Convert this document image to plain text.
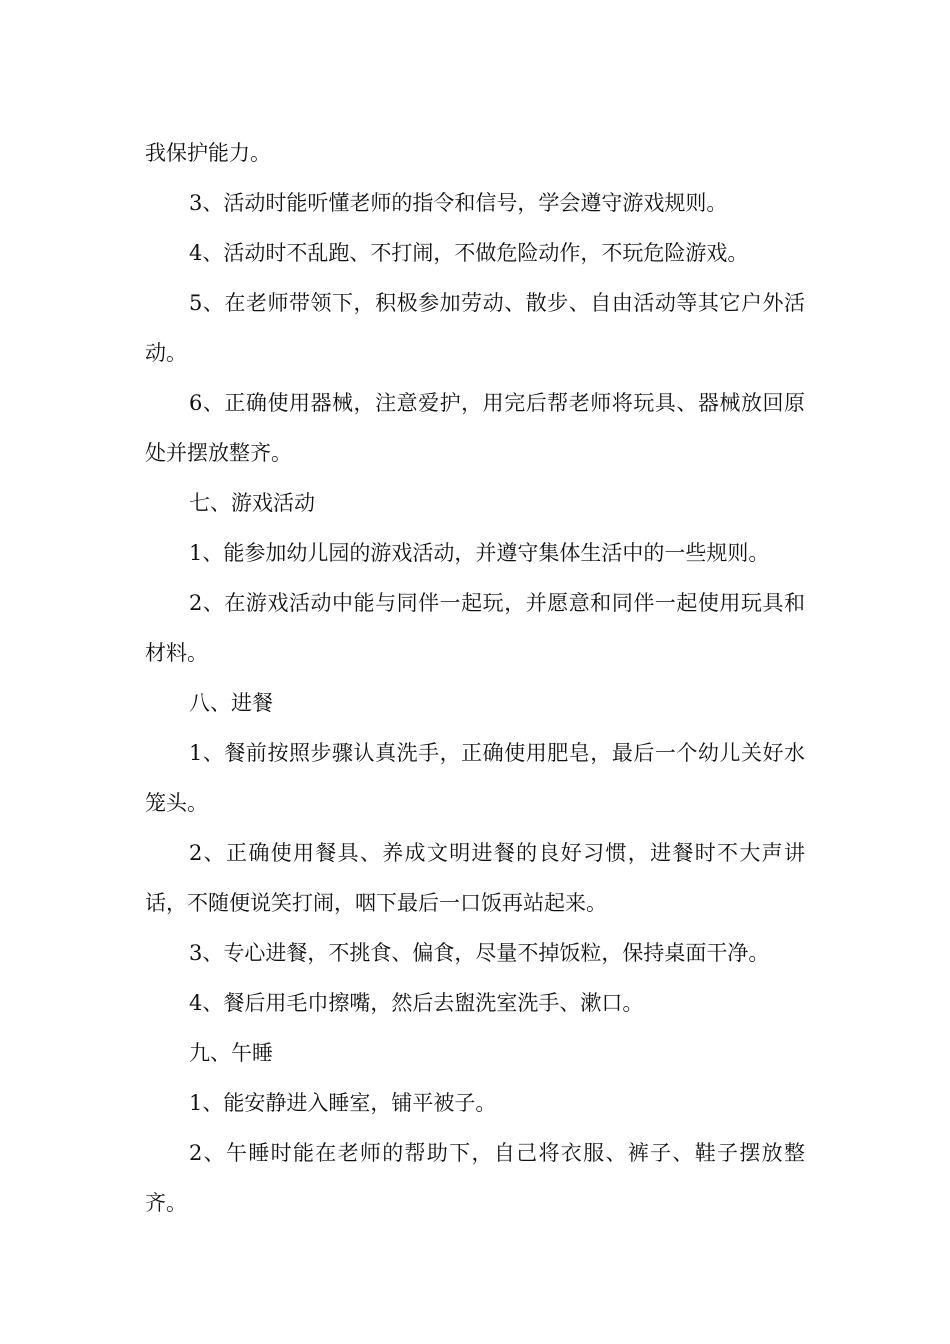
我保护能力。

3、活动时能听懂老师的指令和信号，学会遵守游戏规则。

4、活动时不乱跑、不打闹，不做危险动作，不玩危险游戏。

5、在老师带领下，积极参加劳动、散步、自由活动等其它户外活动。

6、正确使用器械，注意爱护，用完后帮老师将玩具、器械放回原处并摆放整齐。

七、游戏活动

1、能参加幼儿园的游戏活动，并遵守集体生活中的一些规则。

2、在游戏活动中能与同伴一起玩，并愿意和同伴一起使用玩具和材料。

八、进餐

1、餐前按照步骤认真洗手，正确使用肥皂，最后一个幼儿关好水笼头。

2、正确使用餐具、养成文明进餐的良好习惯，进餐时不大声讲话，不随便说笑打闹，咽下最后一口饭再站起来。

3、专心进餐，不挑食、偏食，尽量不掉饭粒，保持桌面干净。

4、餐后用毛巾擦嘴，然后去盥洗室洗手、漱口。

九、午睡

1、能安静进入睡室，铺平被子。

2、午睡时能在老师的帮助下，自己将衣服、裤子、鞋子摆放整齐。
